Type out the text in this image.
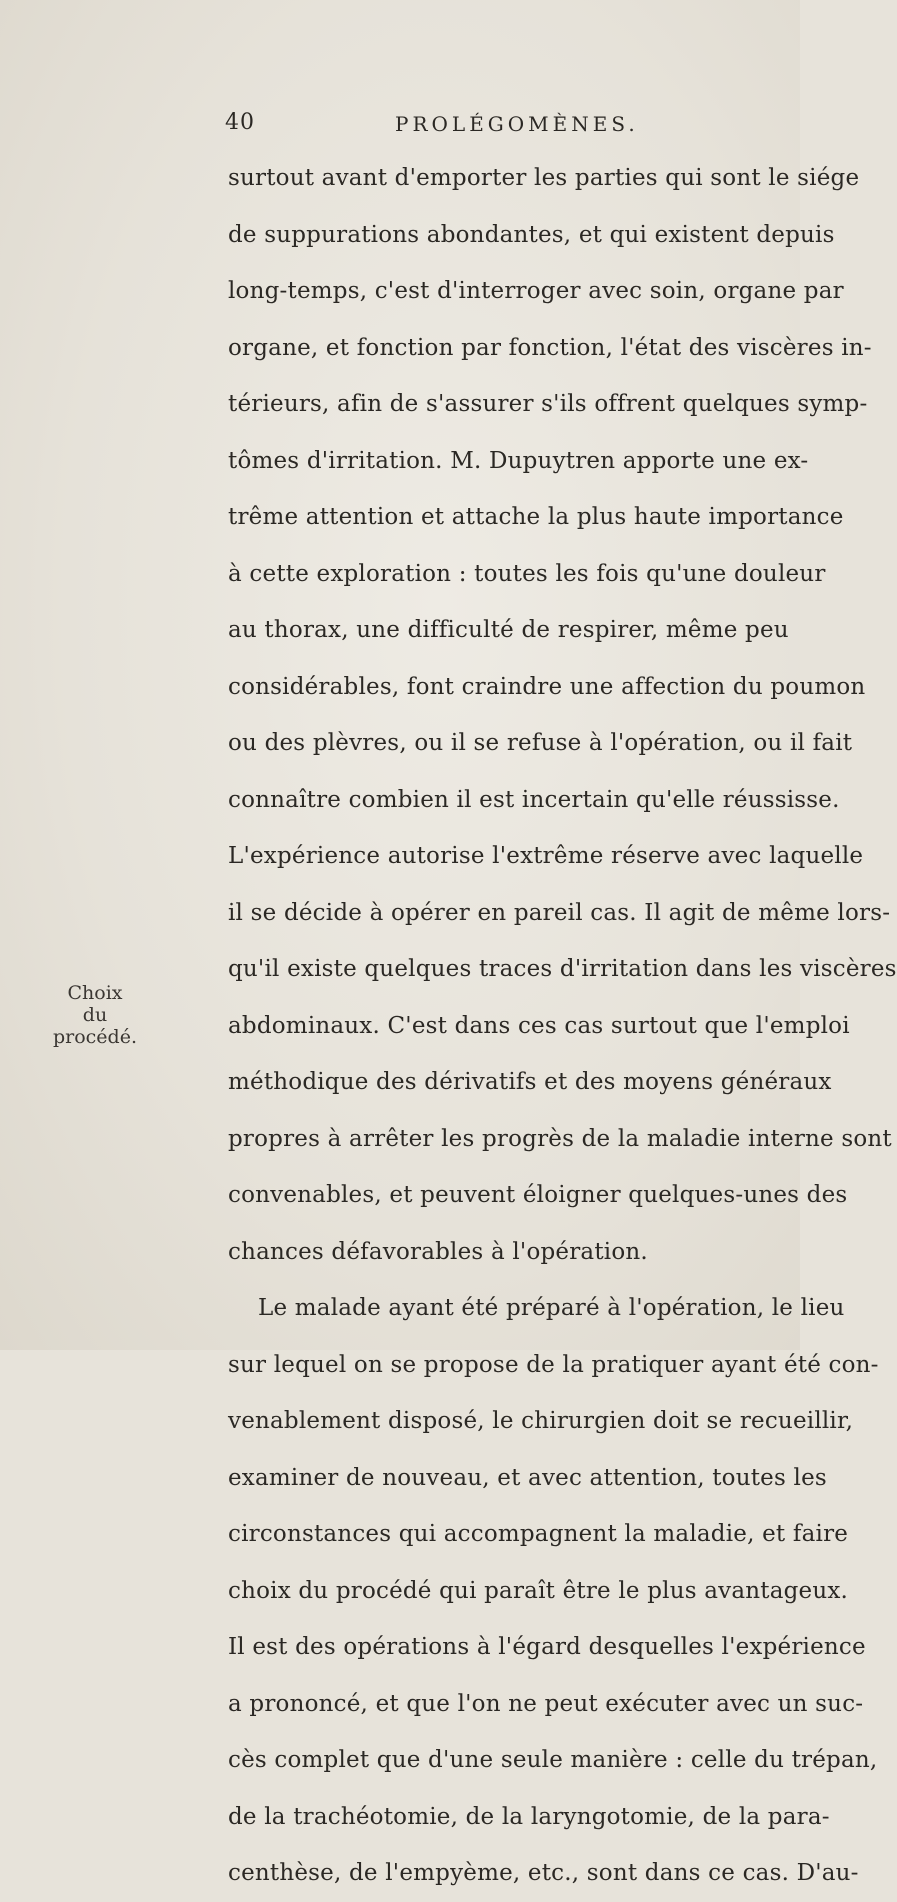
40	PROLÉGOMÈNES.
Choix
du
procédé.
surtout avant d'emporter les parties qui sont le siége
de suppurations abondantes, et qui existent depuis
long-temps, c'est d'interroger avec soin, organe par
organe, et fonction par fonction, l'état des viscères in-
térieurs, afin de s'assurer s'ils offrent quelques symp-
tômes d'irritation. M. Dupuytren apporte une ex-
trême attention et attache la plus haute importance
à cette exploration : toutes les fois qu'une douleur
au thorax, une difficulté de respirer, même peu
considérables, font craindre une affection du poumon
ou des plèvres, ou il se refuse à l'opération, ou il fait
connaître combien il est incertain qu'elle réussisse.
L'expérience autorise l'extrême réserve avec laquelle
il se décide à opérer en pareil cas. Il agit de même lors-
qu'il existe quelques traces d'irritation dans les viscères
abdominaux. C'est dans ces cas surtout que l'emploi
méthodique des dérivatifs et des moyens généraux
propres à arrêter les progrès de la maladie interne sont
convenables, et peuvent éloigner quelques-unes des
chances défavorables à l'opération.
Le malade ayant été préparé à l'opération, le lieu
sur lequel on se propose de la pratiquer ayant été con-
venablement disposé, le chirurgien doit se recueillir,
examiner de nouveau, et avec attention, toutes les
circonstances qui accompagnent la maladie, et faire
choix du procédé qui paraît être le plus avantageux.
Il est des opérations à l'égard desquelles l'expérience
a prononcé, et que l'on ne peut exécuter avec un suc-
cès complet que d'une seule manière : celle du trépan,
de la trachéotomie, de la laryngotomie, de la para-
centhèse, de l'empyème, etc., sont dans ce cas. D'au-
